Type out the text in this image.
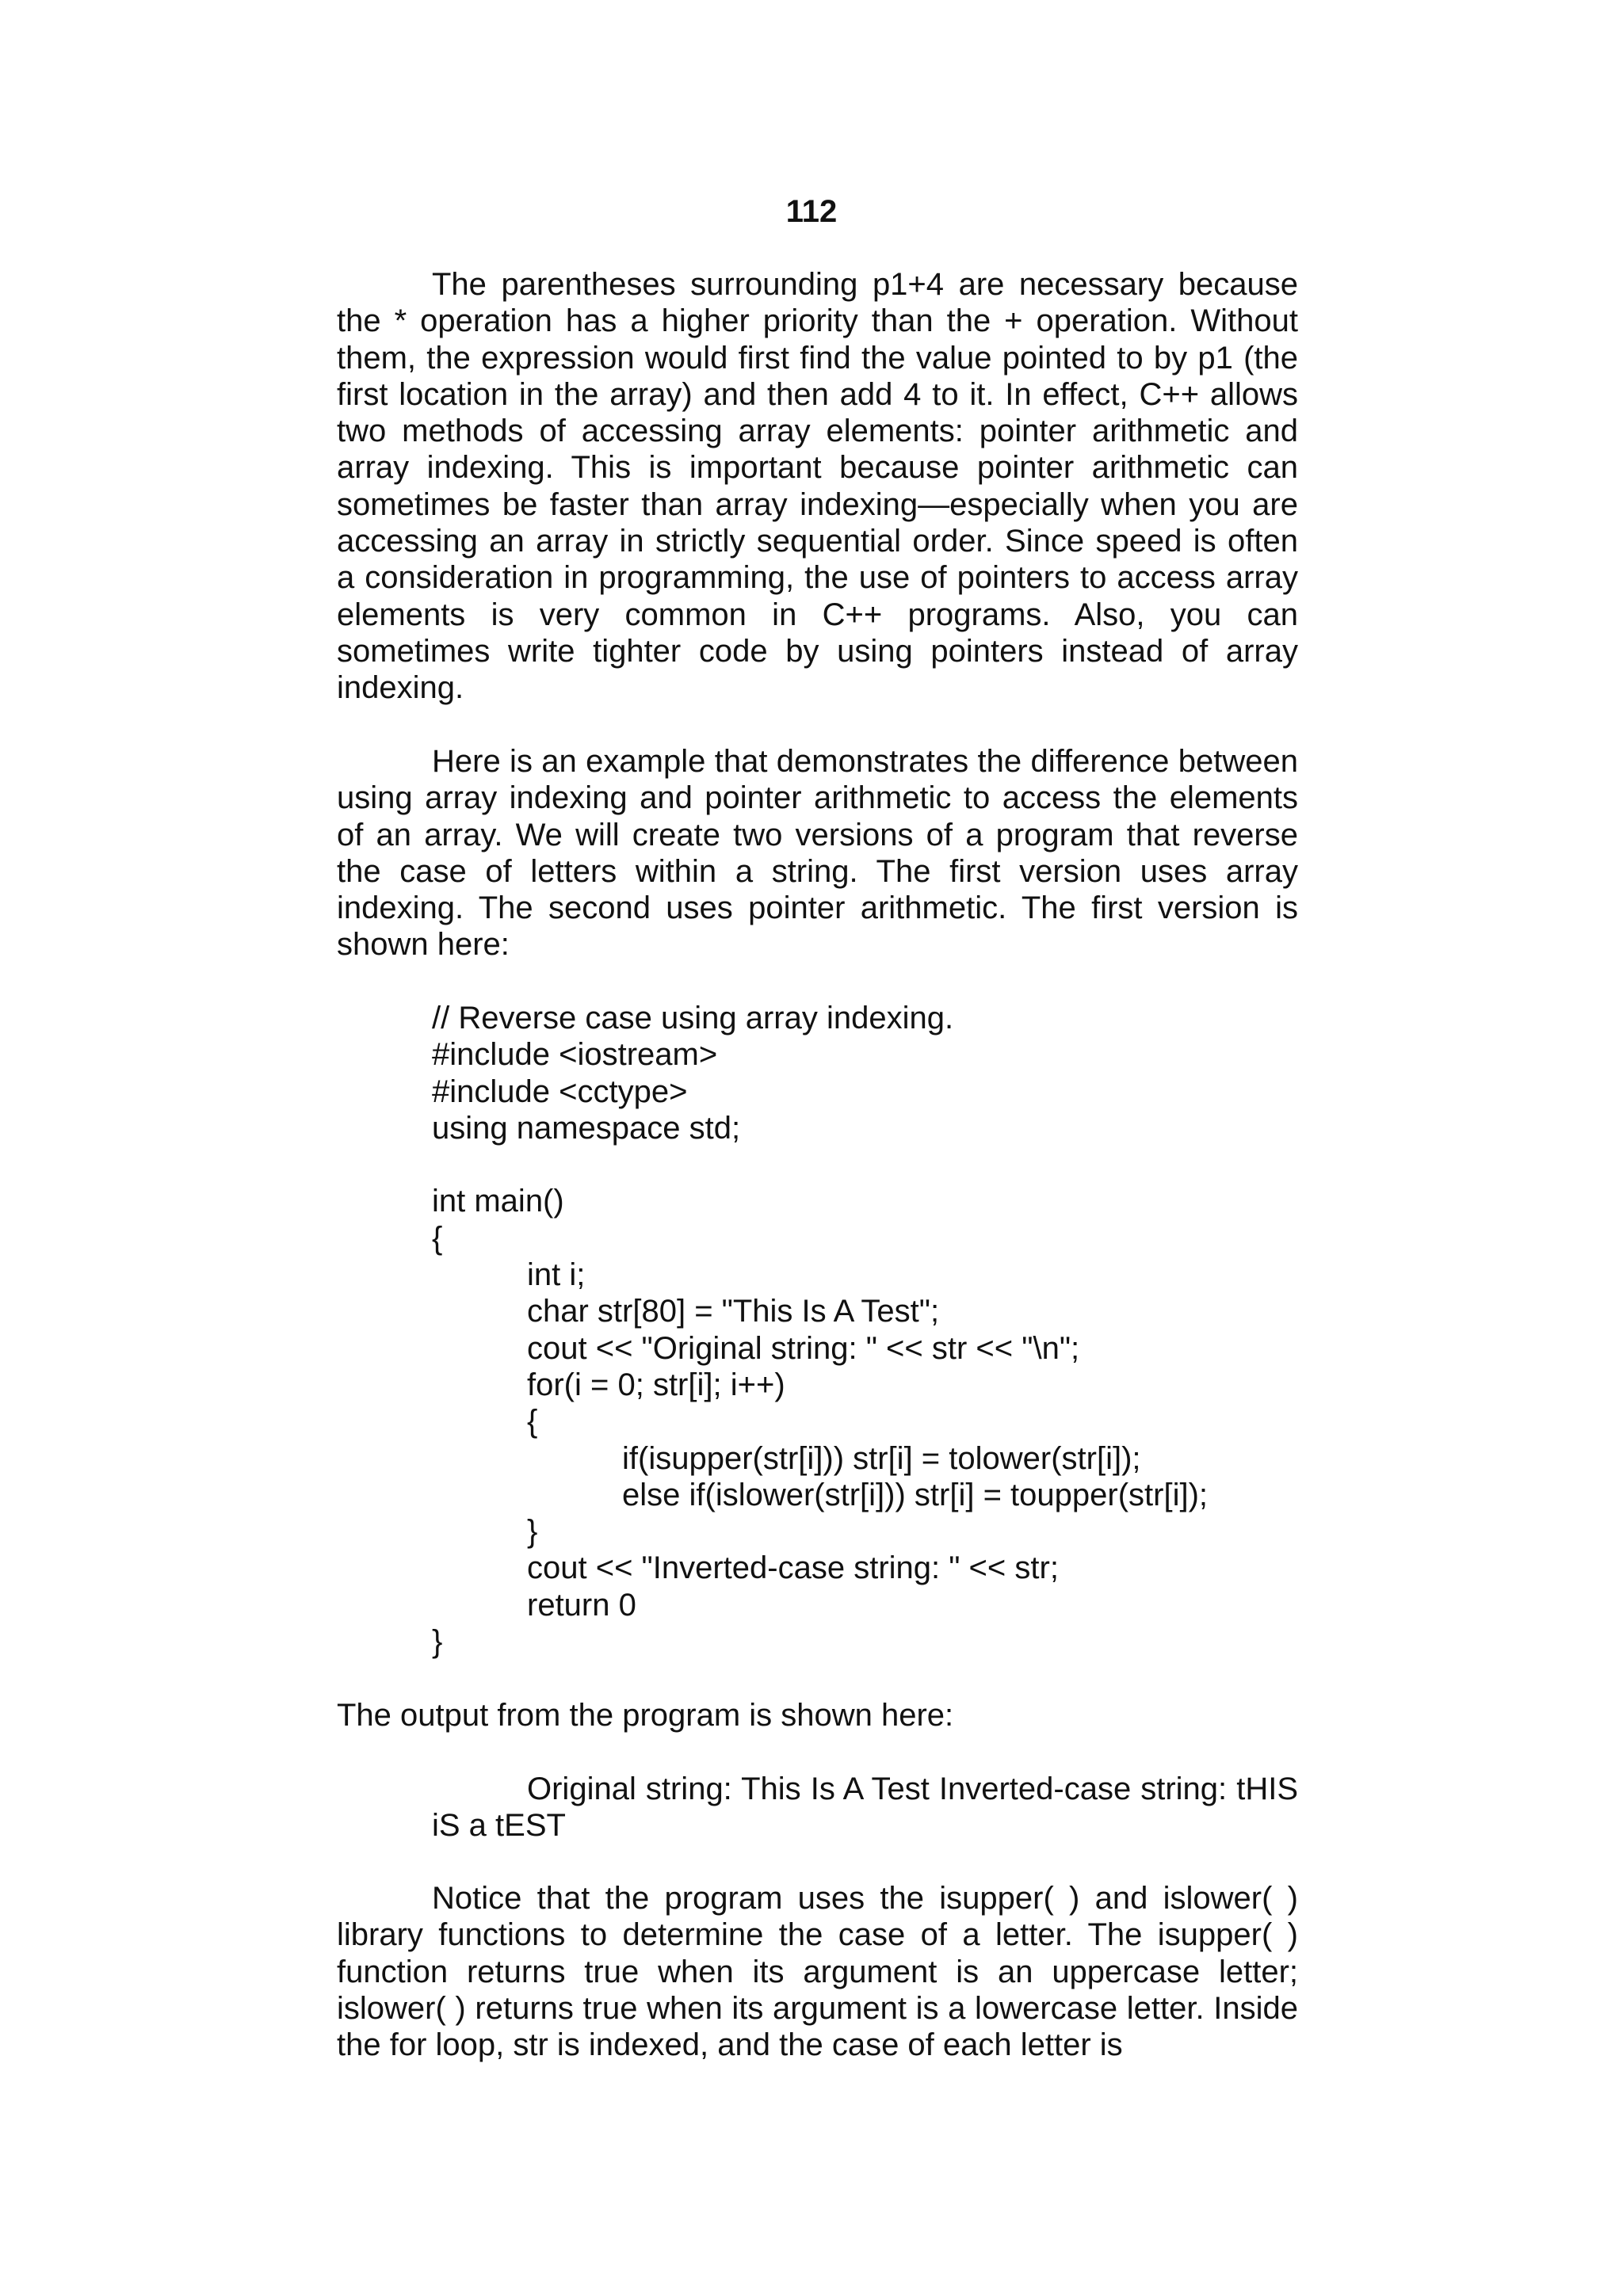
112

The parentheses surrounding p1+4 are necessary because the * operation has a higher priority than the + operation. Without them, the expression would first find the value pointed to by p1 (the first location in the array) and then add 4 to it. In effect, C++ allows two methods of accessing array elements: pointer arithmetic and array indexing. This is important because pointer arithmetic can sometimes be faster than array indexing—especially when you are accessing an array in strictly sequential order. Since speed is often a consideration in programming, the use of pointers to access array elements is very common in C++ programs. Also, you can sometimes write tighter code by using pointers instead of array indexing.

Here is an example that demonstrates the difference between using array indexing and pointer arithmetic to access the elements of an array. We will create two versions of a program that reverse the case of letters within a string. The first version uses array indexing. The second uses pointer arithmetic. The first version is shown here:

// Reverse case using array indexing.
#include <iostream>
#include <cctype>
using namespace std;
int main()
{
int i;
char str[80] = "This Is A Test";
cout << "Original string: " << str << "\n";
for(i = 0; str[i]; i++)
{
if(isupper(str[i])) str[i] = tolower(str[i]);
else if(islower(str[i])) str[i] = toupper(str[i]);
}
cout << "Inverted-case string: " << str;
return 0
}

The output from the program is shown here:

Original string: This Is A Test Inverted-case string: tHIS iS a tEST

Notice that the program uses the isupper( ) and islower( ) library functions to determine the case of a letter. The isupper( ) function returns true when its argument is an uppercase letter; islower( ) returns true when its argument is a lowercase letter. Inside the for loop, str is indexed, and the case of each letter is
